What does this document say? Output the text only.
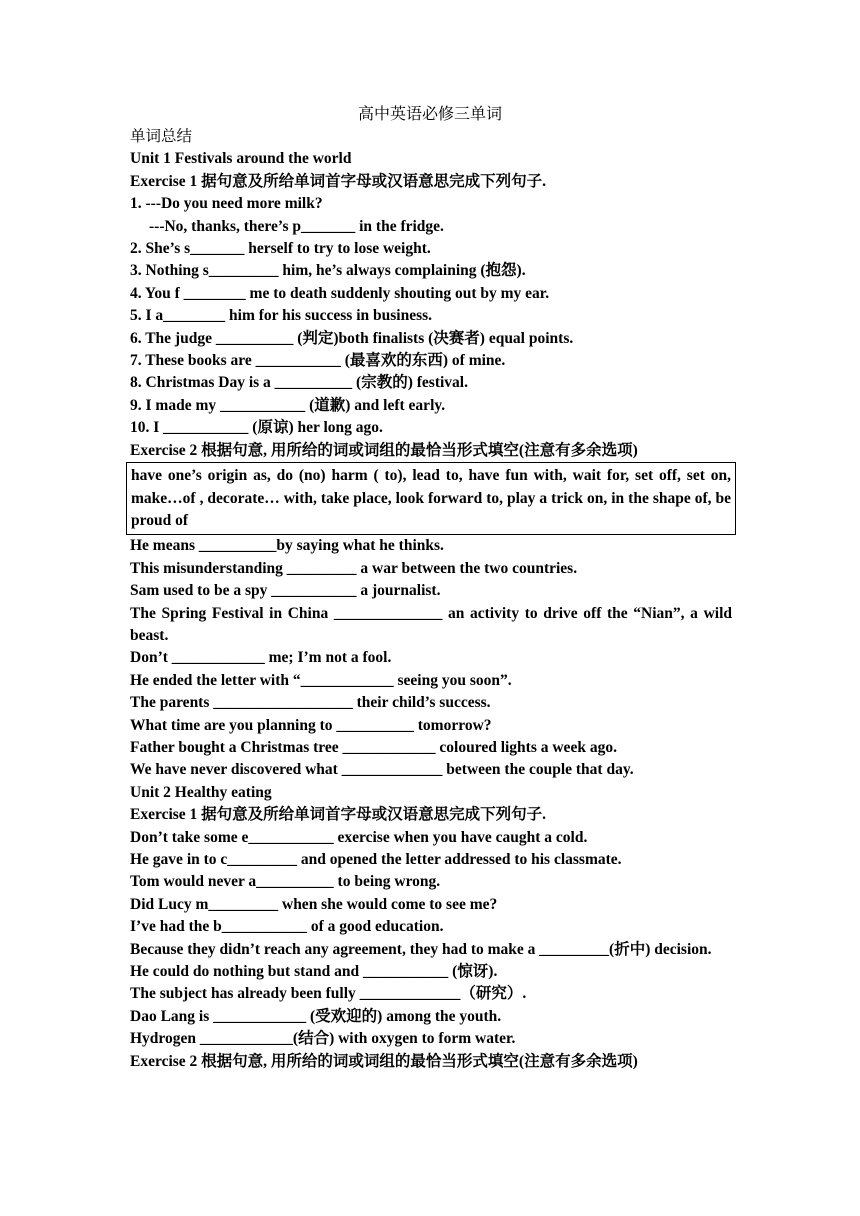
高中英语必修三单词
单词总结
Unit 1 Festivals around the world
Exercise 1 据句意及所给单词首字母或汉语意思完成下列句子.
1. ---Do you need more milk?
---No, thanks, there’s p_______ in the fridge.
2. She’s s_______ herself to try to lose weight.
3. Nothing s_________ him, he’s always complaining (抱怨).
4. You f ________ me to death suddenly shouting out by my ear.
5. I a________ him for his success in business.
6. The judge __________ (判定)both finalists (决赛者) equal points.
7. These books are ___________ (最喜欢的东西) of mine.
8. Christmas Day is a __________ (宗教的) festival.
9. I made my ___________ (道歉) and left early.
10. I ___________ (原谅) her long ago.
Exercise 2 根据句意, 用所给的词或词组的最恰当形式填空(注意有多余选项)
have one’s origin as, do (no) harm ( to), lead to, have fun with, wait for, set off, set on, make…of , decorate… with, take place, look forward to, play a trick on, in the shape of, be proud of
He means __________by saying what he thinks.
This misunderstanding _________ a war between the two countries.
Sam used to be a spy ___________ a journalist.
The Spring Festival in China ______________ an activity to drive off the “Nian”, a wild beast.
Don’t ____________ me; I’m not a fool.
He ended the letter with “____________ seeing you soon”.
The parents __________________ their child’s success.
What time are you planning to __________ tomorrow?
Father bought a Christmas tree ____________ coloured lights a week ago.
We have never discovered what _____________ between the couple that day.
Unit 2 Healthy eating
Exercise 1 据句意及所给单词首字母或汉语意思完成下列句子.
Don’t take some e___________ exercise when you have caught a cold.
He gave in to c_________ and opened the letter addressed to his classmate.
Tom would never a__________ to being wrong.
Did Lucy m_________ when she would come to see me?
I’ve had the b___________ of a good education.
Because they didn’t reach any agreement, they had to make a _________(折中) decision.
He could do nothing but stand and ___________ (惊讶).
The subject has already been fully _____________（研究）.
Dao Lang is ____________ (受欢迎的) among the youth.
Hydrogen ____________(结合) with oxygen to form water.
Exercise 2 根据句意, 用所给的词或词组的最恰当形式填空(注意有多余选项)
